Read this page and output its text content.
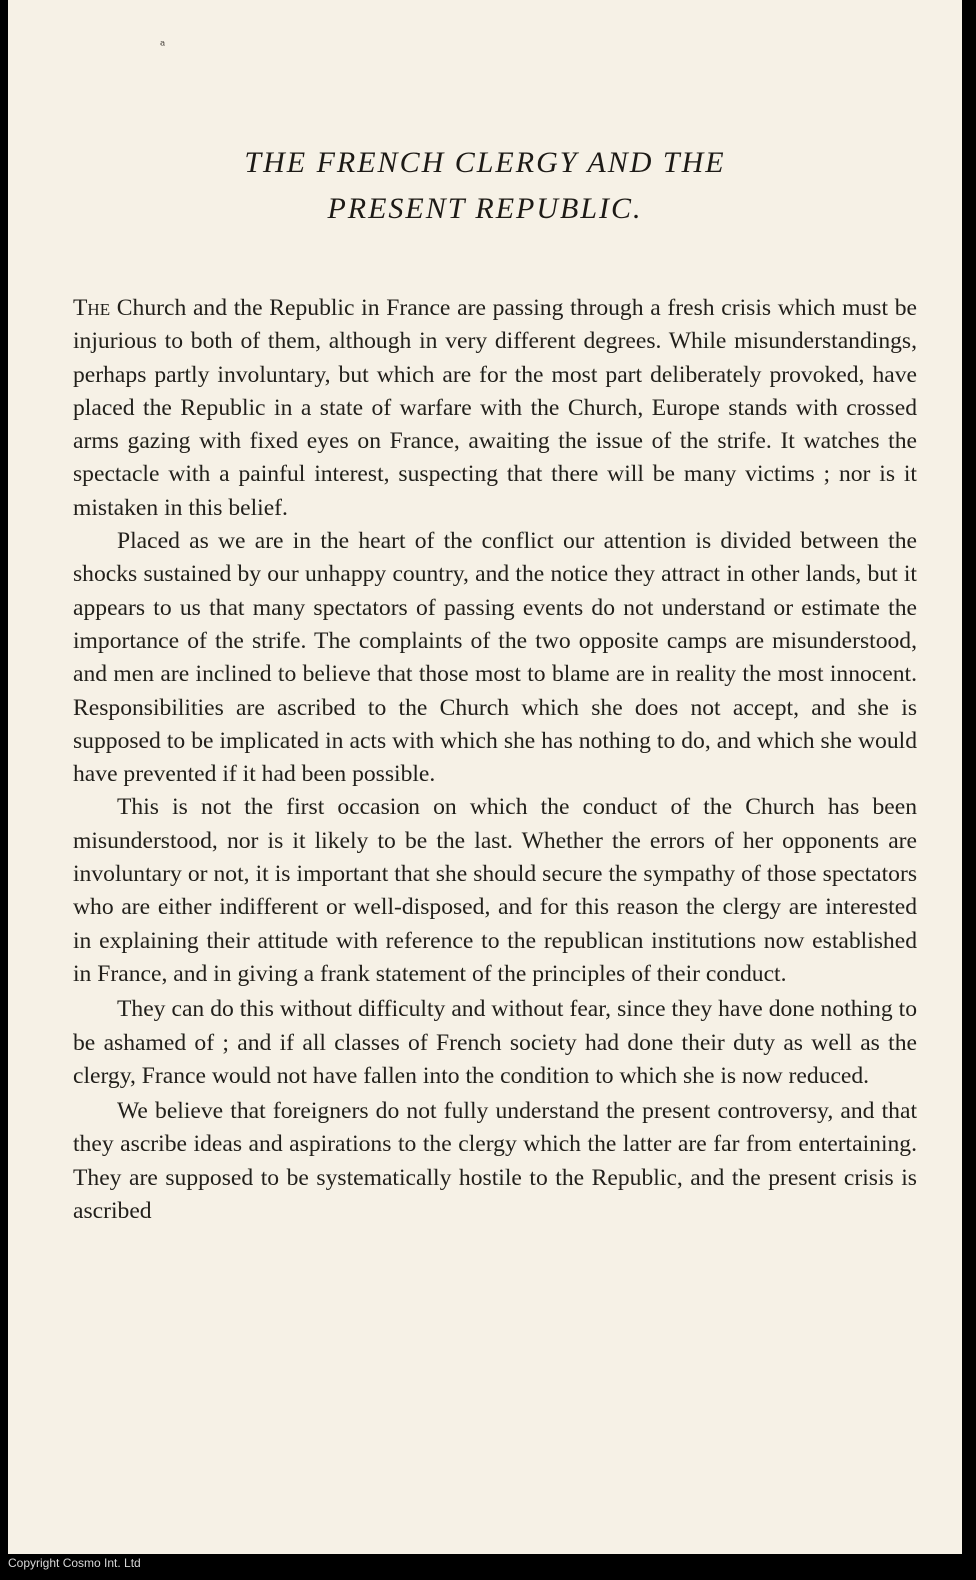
ᵃ
THE FRENCH CLERGY AND THE
PRESENT REPUBLIC.

The Church and the Republic in France are passing through a fresh crisis which must be injurious to both of them, although in very different degrees. While misunderstandings, perhaps partly involuntary, but which are for the most part deliberately provoked, have placed the Republic in a state of warfare with the Church, Europe stands with crossed arms gazing with fixed eyes on France, awaiting the issue of the strife. It watches the spectacle with a painful interest, suspecting that there will be many victims ; nor is it mistaken in this belief.

Placed as we are in the heart of the conflict our attention is divided between the shocks sustained by our unhappy country, and the notice they attract in other lands, but it appears to us that many spectators of passing events do not understand or estimate the importance of the strife. The complaints of the two opposite camps are misunderstood, and men are inclined to believe that those most to blame are in reality the most innocent. Responsibilities are ascribed to the Church which she does not accept, and she is supposed to be implicated in acts with which she has nothing to do, and which she would have prevented if it had been possible.

This is not the first occasion on which the conduct of the Church has been misunderstood, nor is it likely to be the last. Whether the errors of her opponents are involuntary or not, it is important that she should secure the sympathy of those spectators who are either indifferent or well-disposed, and for this reason the clergy are interested in explaining their attitude with reference to the republican institutions now established in France, and in giving a frank statement of the principles of their conduct.

They can do this without difficulty and without fear, since they have done nothing to be ashamed of ; and if all classes of French society had done their duty as well as the clergy, France would not have fallen into the condition to which she is now reduced.

We believe that foreigners do not fully understand the present controversy, and that they ascribe ideas and aspirations to the clergy which the latter are far from entertaining. They are supposed to be systematically hostile to the Republic, and the present crisis is ascribed

Copyright Cosmo Int. Ltd
